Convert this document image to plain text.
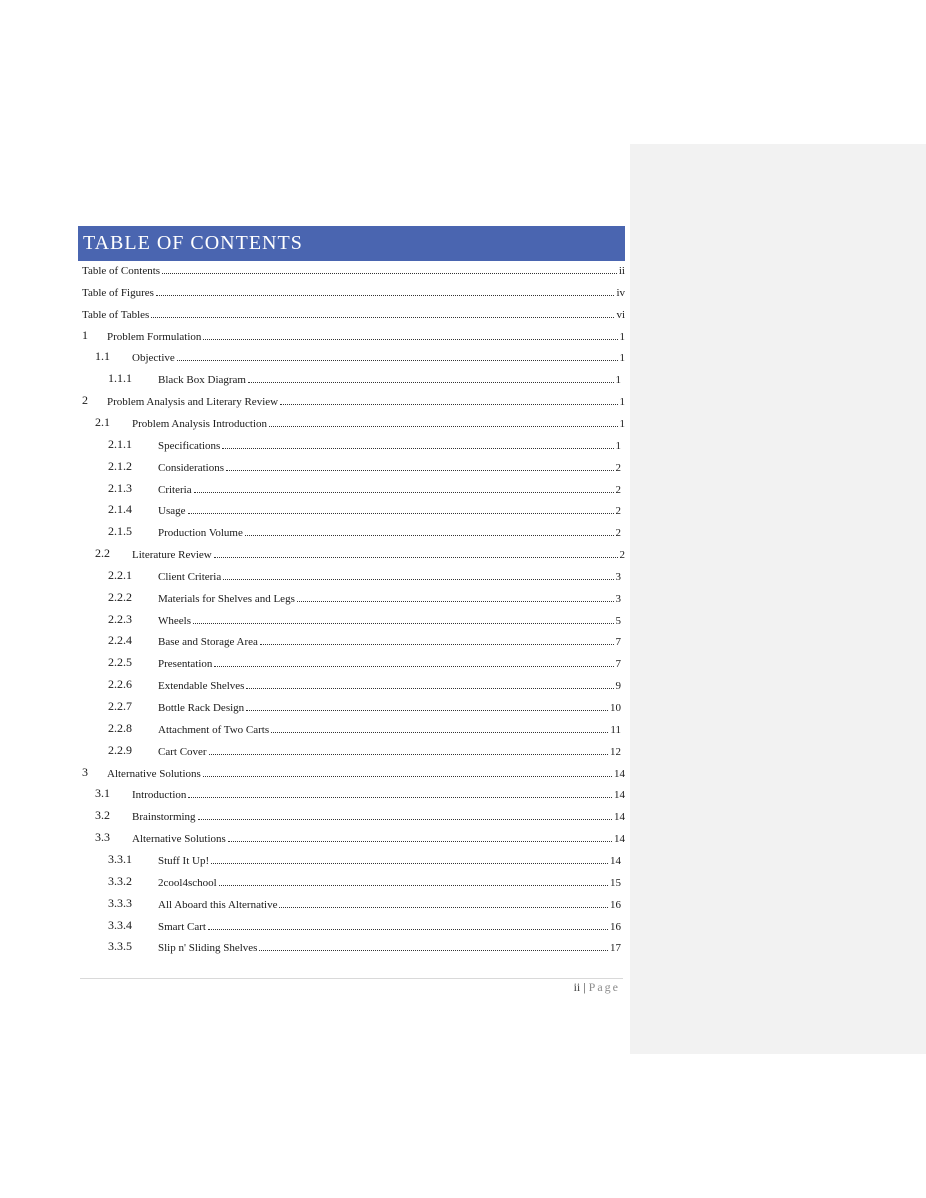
TABLE OF CONTENTS
Table of Contents	ii
Table of Figures	iv
Table of Tables	vi
1	Problem Formulation	1
1.1	Objective	1
1.1.1	Black Box Diagram	1
2	Problem Analysis and Literary Review	1
2.1	Problem Analysis Introduction	1
2.1.1	Specifications	1
2.1.2	Considerations	2
2.1.3	Criteria	2
2.1.4	Usage	2
2.1.5	Production Volume	2
2.2	Literature Review	2
2.2.1	Client Criteria	3
2.2.2	Materials for Shelves and Legs	3
2.2.3	Wheels	5
2.2.4	Base and Storage Area	7
2.2.5	Presentation	7
2.2.6	Extendable Shelves	9
2.2.7	Bottle Rack Design	10
2.2.8	Attachment of Two Carts	11
2.2.9	Cart Cover	12
3	Alternative Solutions	14
3.1	Introduction	14
3.2	Brainstorming	14
3.3	Alternative Solutions	14
3.3.1	Stuff It Up!	14
3.3.2	2cool4school	15
3.3.3	All Aboard this Alternative	16
3.3.4	Smart Cart	16
3.3.5	Slip n' Sliding Shelves	17
ii | Page
